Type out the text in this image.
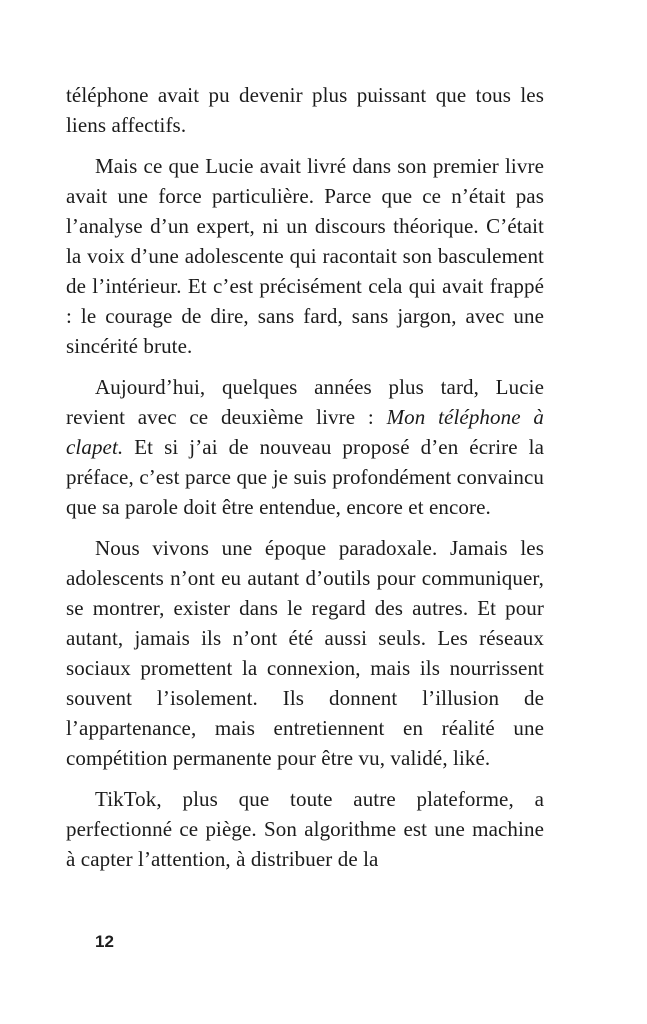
téléphone avait pu devenir plus puissant que tous les liens affectifs.

Mais ce que Lucie avait livré dans son premier livre avait une force particulière. Parce que ce n’était pas l’analyse d’un expert, ni un discours théorique. C’était la voix d’une adolescente qui racontait son basculement de l’intérieur. Et c’est précisément cela qui avait frappé : le courage de dire, sans fard, sans jargon, avec une sincérité brute.

Aujourd’hui, quelques années plus tard, Lucie revient avec ce deuxième livre : Mon téléphone à clapet. Et si j’ai de nouveau proposé d’en écrire la préface, c’est parce que je suis profondément convaincu que sa parole doit être entendue, encore et encore.

Nous vivons une époque paradoxale. Jamais les adolescents n’ont eu autant d’outils pour communiquer, se montrer, exister dans le regard des autres. Et pour autant, jamais ils n’ont été aussi seuls. Les réseaux sociaux promettent la connexion, mais ils nourrissent souvent l’isolement. Ils donnent l’illusion de l’appartenance, mais entretiennent en réalité une compétition permanente pour être vu, validé, liké.

TikTok, plus que toute autre plateforme, a perfectionné ce piège. Son algorithme est une machine à capter l’attention, à distribuer de la

12
